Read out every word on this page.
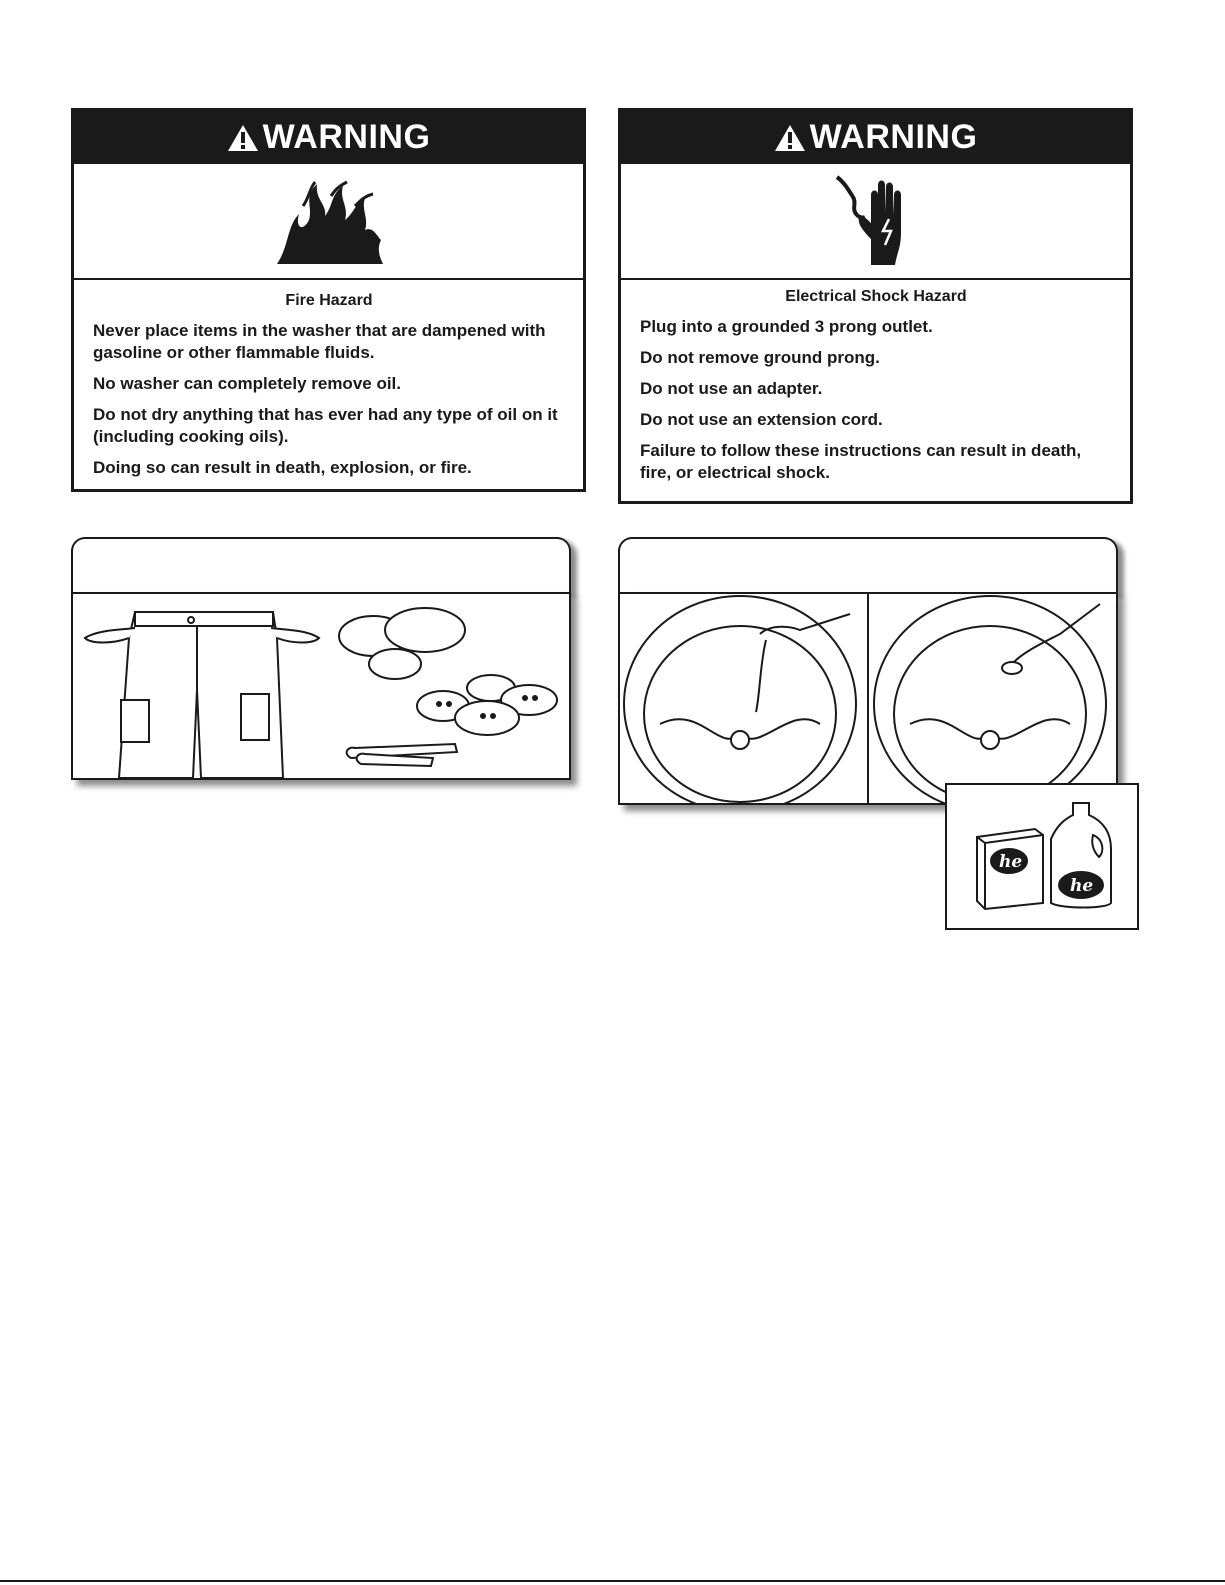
WARNING
Fire Hazard

Never place items in the washer that are dampened with gasoline or other flammable fluids.

No washer can completely remove oil.

Do not dry anything that has ever had any type of oil on it (including cooking oils).

Doing so can result in death, explosion, or fire.

WARNING
Electrical Shock Hazard

Plug into a grounded 3 prong outlet.

Do not remove ground prong.

Do not use an adapter.

Do not use an extension cord.

Failure to follow these instructions can result in death, fire, or electrical shock.

he
he
